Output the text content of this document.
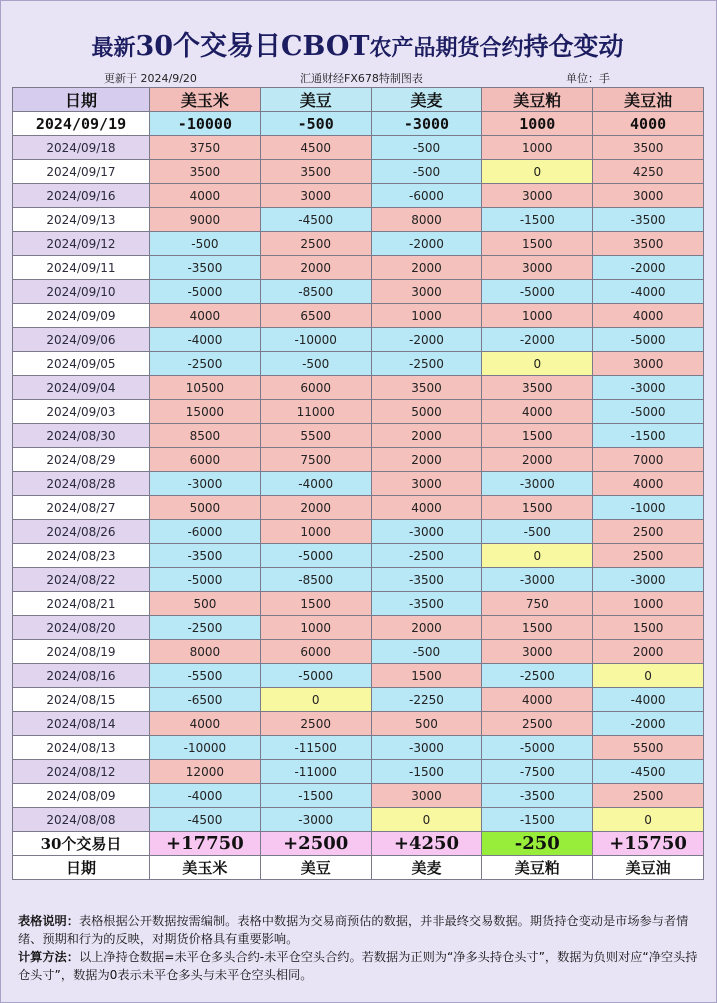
最新30个交易日CBOT农产品期货合约持仓变动
更新于 2024/9/20	汇通财经FX678特制图表	单位：手
日期	美玉米	美豆	美麦	美豆粕	美豆油
2024/09/19	-10000	-500	-3000	1000	4000
2024/09/18	3750	4500	-500	1000	3500
2024/09/17	3500	3500	-500	0	4250
2024/09/16	4000	3000	-6000	3000	3000
2024/09/13	9000	-4500	8000	-1500	-3500
2024/09/12	-500	2500	-2000	1500	3500
2024/09/11	-3500	2000	2000	3000	-2000
2024/09/10	-5000	-8500	3000	-5000	-4000
2024/09/09	4000	6500	1000	1000	4000
2024/09/06	-4000	-10000	-2000	-2000	-5000
2024/09/05	-2500	-500	-2500	0	3000
2024/09/04	10500	6000	3500	3500	-3000
2024/09/03	15000	11000	5000	4000	-5000
2024/08/30	8500	5500	2000	1500	-1500
2024/08/29	6000	7500	2000	2000	7000
2024/08/28	-3000	-4000	3000	-3000	4000
2024/08/27	5000	2000	4000	1500	-1000
2024/08/26	-6000	1000	-3000	-500	2500
2024/08/23	-3500	-5000	-2500	0	2500
2024/08/22	-5000	-8500	-3500	-3000	-3000
2024/08/21	500	1500	-3500	750	1000
2024/08/20	-2500	1000	2000	1500	1500
2024/08/19	8000	6000	-500	3000	2000
2024/08/16	-5500	-5000	1500	-2500	0
2024/08/15	-6500	0	-2250	4000	-4000
2024/08/14	4000	2500	500	2500	-2000
2024/08/13	-10000	-11500	-3000	-5000	5500
2024/08/12	12000	-11000	-1500	-7500	-4500
2024/08/09	-4000	-1500	3000	-3500	2500
2024/08/08	-4500	-3000	0	-1500	0
30个交易日	+17750	+2500	+4250	-250	+15750
日期	美玉米	美豆	美麦	美豆粕	美豆油
表格说明：表格根据公开数据按需编制。表格中数据为交易商预估的数据，并非最终交易数据。期货持仓变动是市场参与者情绪、预期和行为的反映，对期货价格具有重要影响。
计算方法：以上净持仓数据=未平仓多头合约-未平仓空头合约。若数据为正则为“净多头持仓头寸”，数据为负则对应“净空头持仓头寸”，数据为0表示未平仓多头与未平仓空头相同。
